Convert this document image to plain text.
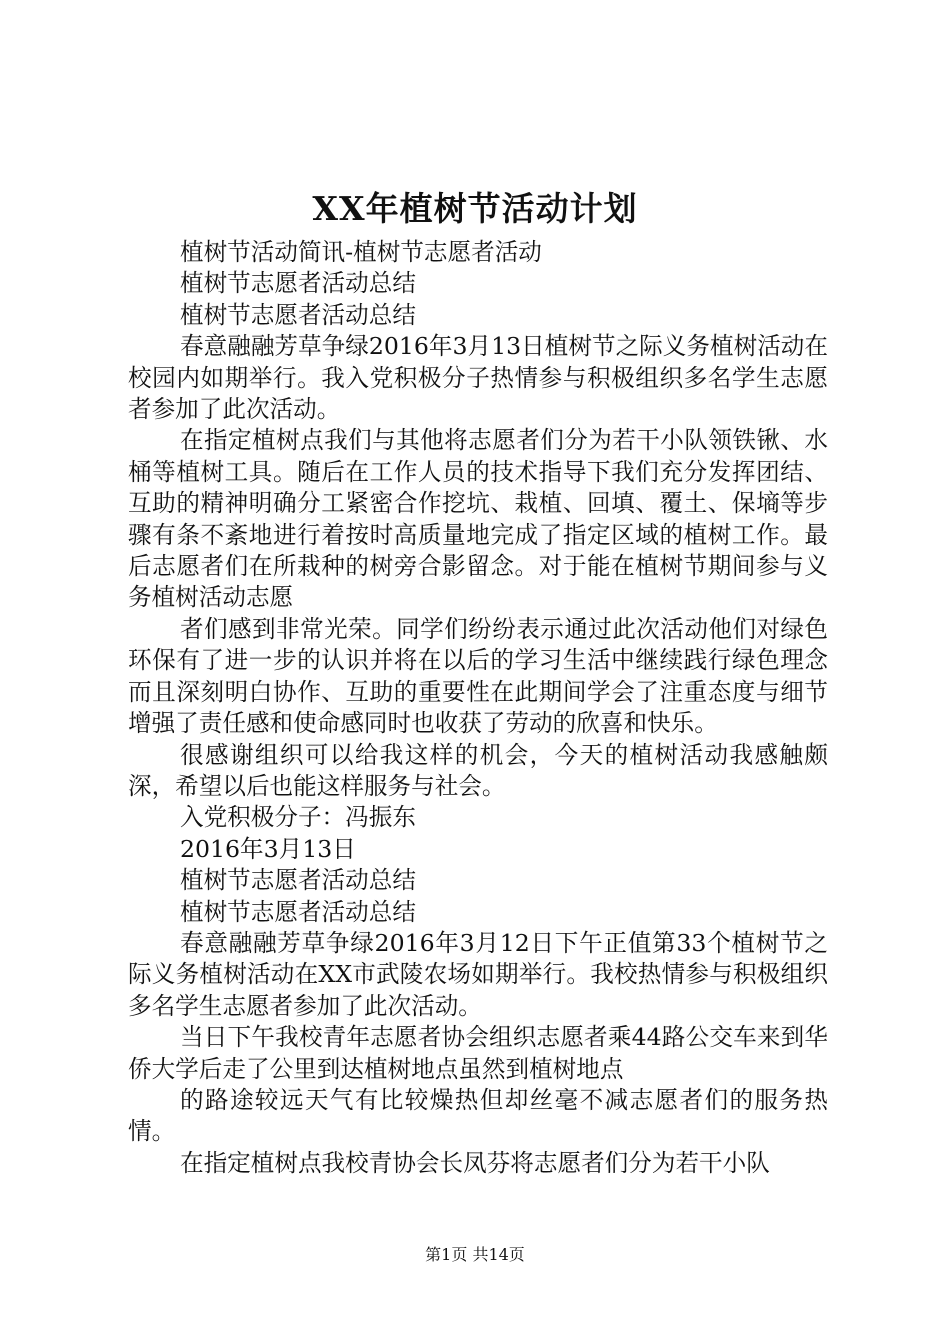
XX年植树节活动计划

植树节活动简讯-植树节志愿者活动

植树节志愿者活动总结

植树节志愿者活动总结

春意融融芳草争绿2016年3月13日植树节之际义务植树活动在校园内如期举行。我入党积极分子热情参与积极组织多名学生志愿者参加了此次活动。

在指定植树点我们与其他将志愿者们分为若干小队领铁锹、水桶等植树工具。随后在工作人员的技术指导下我们充分发挥团结、互助的精神明确分工紧密合作挖坑、栽植、回填、覆土、保墒等步骤有条不紊地进行着按时高质量地完成了指定区域的植树工作。最后志愿者们在所栽种的树旁合影留念。对于能在植树节期间参与义务植树活动志愿

者们感到非常光荣。同学们纷纷表示通过此次活动他们对绿色环保有了进一步的认识并将在以后的学习生活中继续践行绿色理念而且深刻明白协作、互助的重要性在此期间学会了注重态度与细节增强了责任感和使命感同时也收获了劳动的欣喜和快乐。

很感谢组织可以给我这样的机会，今天的植树活动我感触颇深，希望以后也能这样服务与社会。

入党积极分子：冯振东

2016年3月13日

植树节志愿者活动总结

植树节志愿者活动总结

春意融融芳草争绿2016年3月12日下午正值第33个植树节之际义务植树活动在XX市武陵农场如期举行。我校热情参与积极组织多名学生志愿者参加了此次活动。

当日下午我校青年志愿者协会组织志愿者乘44路公交车来到华侨大学后走了公里到达植树地点虽然到植树地点

的路途较远天气有比较燥热但却丝毫不减志愿者们的服务热情。

在指定植树点我校青协会长凤芬将志愿者们分为若干小队

第1页 共14页
